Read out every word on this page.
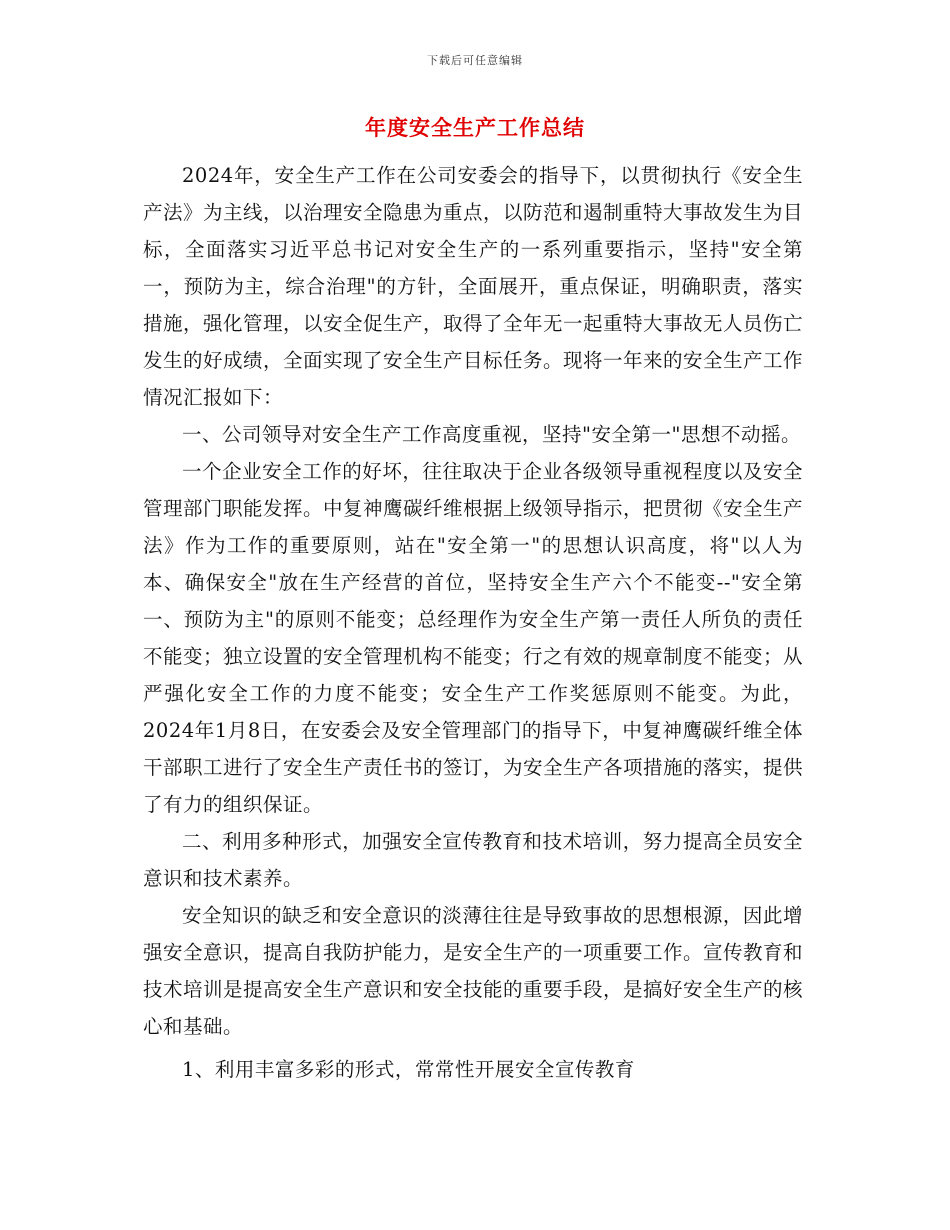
下载后可任意编辑
年度安全生产工作总结

2024年，安全生产工作在公司安委会的指导下，以贯彻执行《安全生产法》为主线，以治理安全隐患为重点，以防范和遏制重特大事故发生为目标，全面落实习近平总书记对安全生产的一系列重要指示，坚持"安全第一，预防为主，综合治理"的方针，全面展开，重点保证，明确职责，落实措施，强化管理，以安全促生产，取得了全年无一起重特大事故无人员伤亡发生的好成绩，全面实现了安全生产目标任务。现将一年来的安全生产工作情况汇报如下：

一、公司领导对安全生产工作高度重视，坚持"安全第一"思想不动摇。

一个企业安全工作的好坏，往往取决于企业各级领导重视程度以及安全管理部门职能发挥。中复神鹰碳纤维根据上级领导指示，把贯彻《安全生产法》作为工作的重要原则，站在"安全第一"的思想认识高度，将"以人为本、确保安全"放在生产经营的首位，坚持安全生产六个不能变--"安全第一、预防为主"的原则不能变；总经理作为安全生产第一责任人所负的责任不能变；独立设置的安全管理机构不能变；行之有效的规章制度不能变；从严强化安全工作的力度不能变；安全生产工作奖惩原则不能变。为此，2024年1月8日，在安委会及安全管理部门的指导下，中复神鹰碳纤维全体干部职工进行了安全生产责任书的签订，为安全生产各项措施的落实，提供了有力的组织保证。

二、利用多种形式，加强安全宣传教育和技术培训，努力提高全员安全意识和技术素养。

安全知识的缺乏和安全意识的淡薄往往是导致事故的思想根源，因此增强安全意识，提高自我防护能力，是安全生产的一项重要工作。宣传教育和技术培训是提高安全生产意识和安全技能的重要手段，是搞好安全生产的核心和基础。

1、利用丰富多彩的形式，常常性开展安全宣传教育
